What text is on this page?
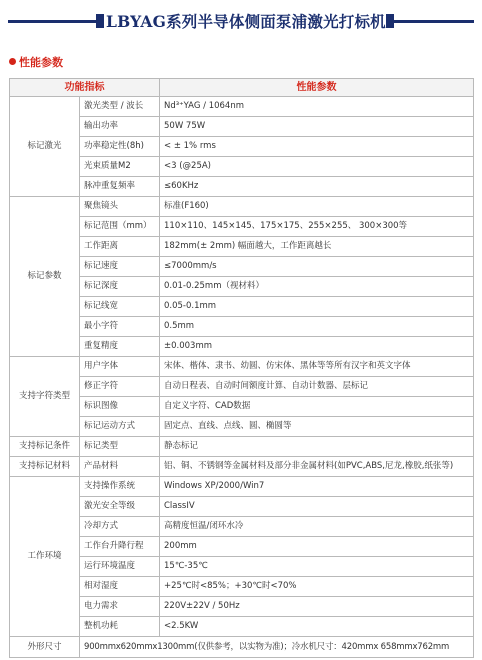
LBYAG系列半导体侧面泵浦激光打标机
性能参数
功能指标		性能参数
标记激光	激光类型 / 波长	Nd³⁺YAG / 1064nm
	输出功率	50W 75W
	功率稳定性(8h)	< ± 1% rms
	光束质量M2	<3 (@25A)
	脉冲重复频率	≤60KHz
标记参数	聚焦镜头	标准(F160)
	标记范围（mm）	110×110、145×145、175×175、255×255、 300×300等
	工作距离	182mm(± 2mm) 幅面越大，工作距离越长
	标记速度	≤7000mm/s
	标记深度	0.01-0.25mm（视材料）
	标记线宽	0.05-0.1mm
	最小字符	0.5mm
	重复精度	±0.003mm
支持字符类型	用户字体	宋体、楷体、隶书、幼圆、仿宋体、黑体等等所有汉字和英文字体
	修正字符	自动日程表、自动时间额度计算、自动计数器、层标记
	标识图像	自定义字符、CAD数据
	标记运动方式	固定点、直线、点线、圆、椭圆等
支持标记条件	标记类型	静态标记
支持标记材料	产品材料	铝、铜、不锈钢等金属材料及部分非金属材料(如PVC,ABS,尼龙,橡胶,纸张等)
工作环境	支持操作系统	Windows XP/2000/Win7
	激光安全等级	ClassIV
	冷却方式	高精度恒温/闭环水冷
	工作台升降行程	200mm
	运行环境温度	15℃-35℃
	相对湿度	+25℃时<85%；+30℃时<70%
	电力需求	220V±22V / 50Hz
	整机功耗	<2.5KW
外形尺寸	900mmx620mmx1300mm(仅供参考，以实物为准)；冷水机尺寸：420mmx 658mmx762mm	
